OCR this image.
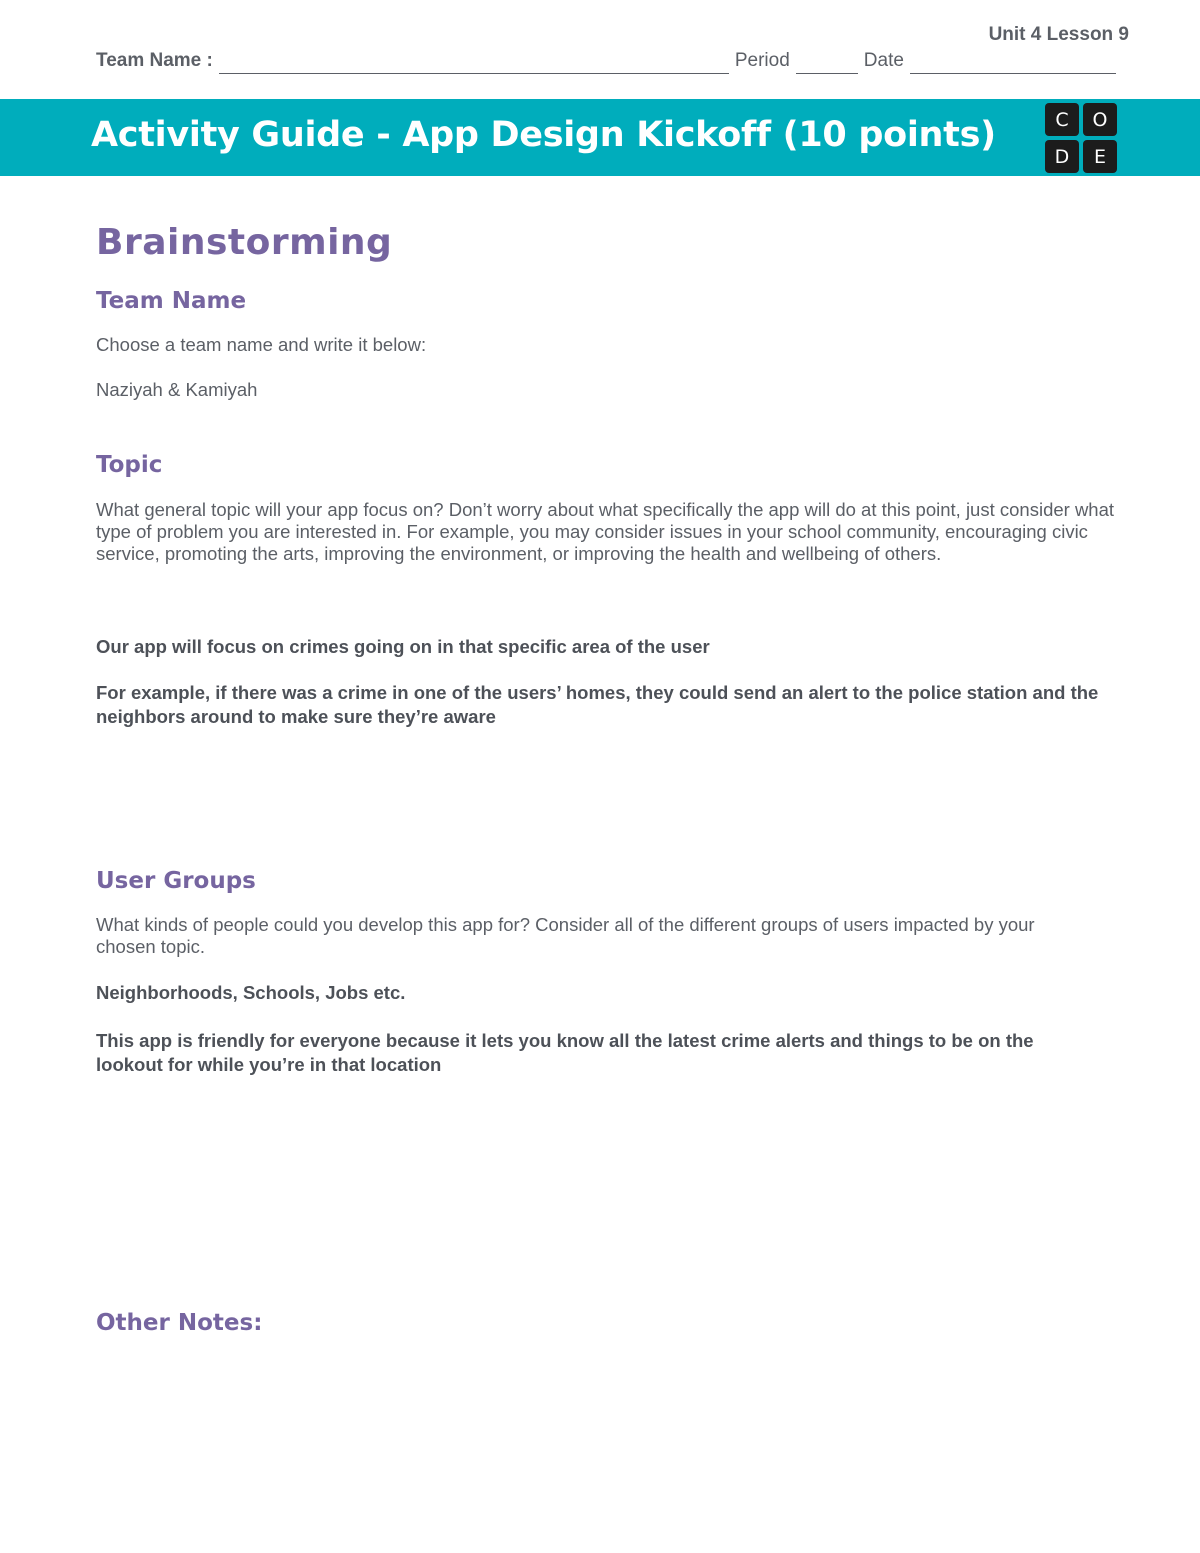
Unit 4 Lesson 9
Team Name :	Period	Date
Activity Guide - App Design Kickoff (10 points)	C	O
D	E
Brainstorming
Team Name
Choose a team name and write it below:
Naziyah & Kamiyah
Topic
What general topic will your app focus on? Don’t worry about what specifically the app will do at this point, just consider what type of problem you are interested in. For example, you may consider issues in your school community, encouraging civic service, promoting the arts, improving the environment, or improving the health and wellbeing of others.
Our app will focus on crimes going on in that specific area of the user
For example, if there was a crime in one of the users’ homes, they could send an alert to the police station and the neighbors around to make sure they’re aware
User Groups
What kinds of people could you develop this app for? Consider all of the different groups of users impacted by your chosen topic.
Neighborhoods, Schools, Jobs etc.
This app is friendly for everyone because it lets you know all the latest crime alerts and things to be on the lookout for while you’re in that location
Other Notes:
